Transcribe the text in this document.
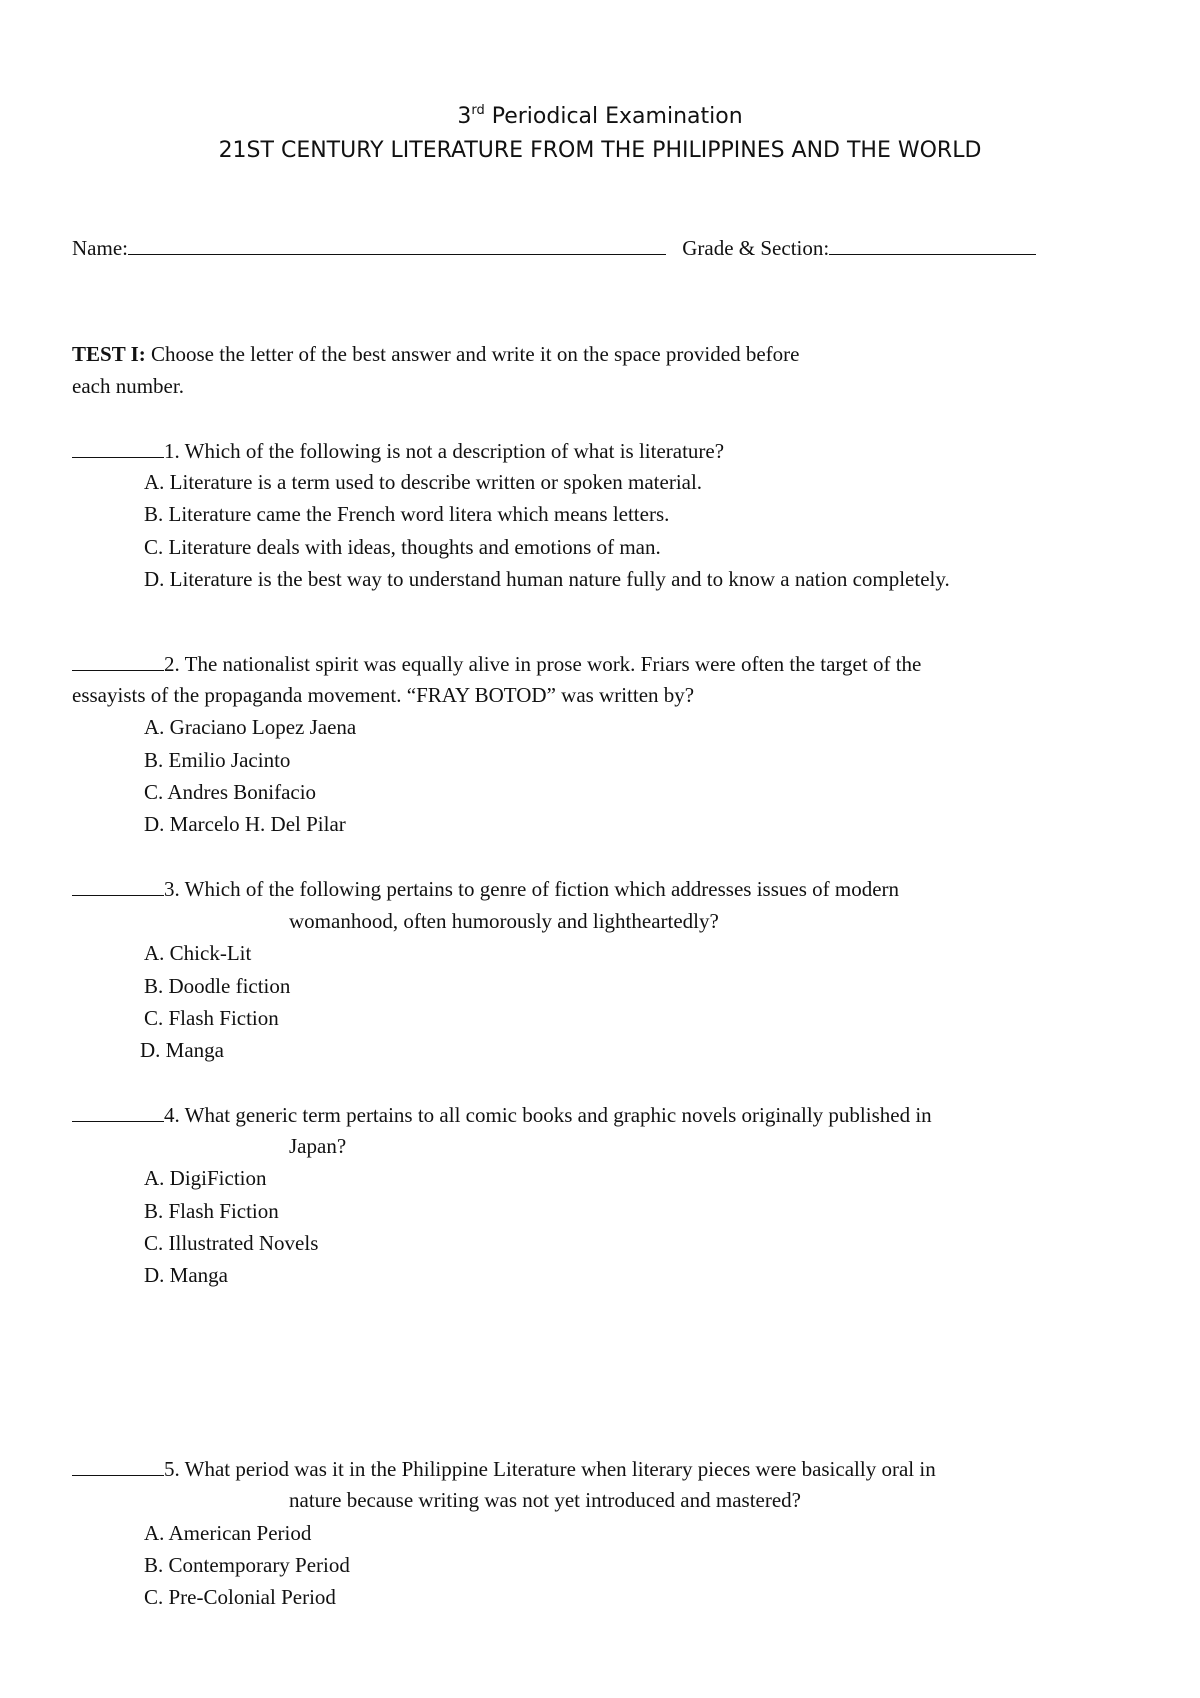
3rd Periodical Examination
21ST CENTURY LITERATURE FROM THE PHILIPPINES AND THE WORLD
Name:	Grade & Section:
TEST I: Choose the letter of the best answer and write it on the space provided before
each number.
1. Which of the following is not a description of what is literature?
A. Literature is a term used to describe written or spoken material.
B. Literature came the French word litera which means letters.
C. Literature deals with ideas, thoughts and emotions of man.
D. Literature is the best way to understand human nature fully and to know a nation completely.
2. The nationalist spirit was equally alive in prose work. Friars were often the target of the
essayists of the propaganda movement. “FRAY BOTOD” was written by?
A. Graciano Lopez Jaena
B. Emilio Jacinto
C. Andres Bonifacio
D. Marcelo H. Del Pilar
3. Which of the following pertains to genre of fiction which addresses issues of modern
womanhood, often humorously and lightheartedly?
A. Chick-Lit
B. Doodle fiction
C. Flash Fiction
D. Manga
4. What generic term pertains to all comic books and graphic novels originally published in
Japan?
A. DigiFiction
B. Flash Fiction
C. Illustrated Novels
D. Manga
5. What period was it in the Philippine Literature when literary pieces were basically oral in
nature because writing was not yet introduced and mastered?
A. American Period
B. Contemporary Period
C. Pre-Colonial Period
